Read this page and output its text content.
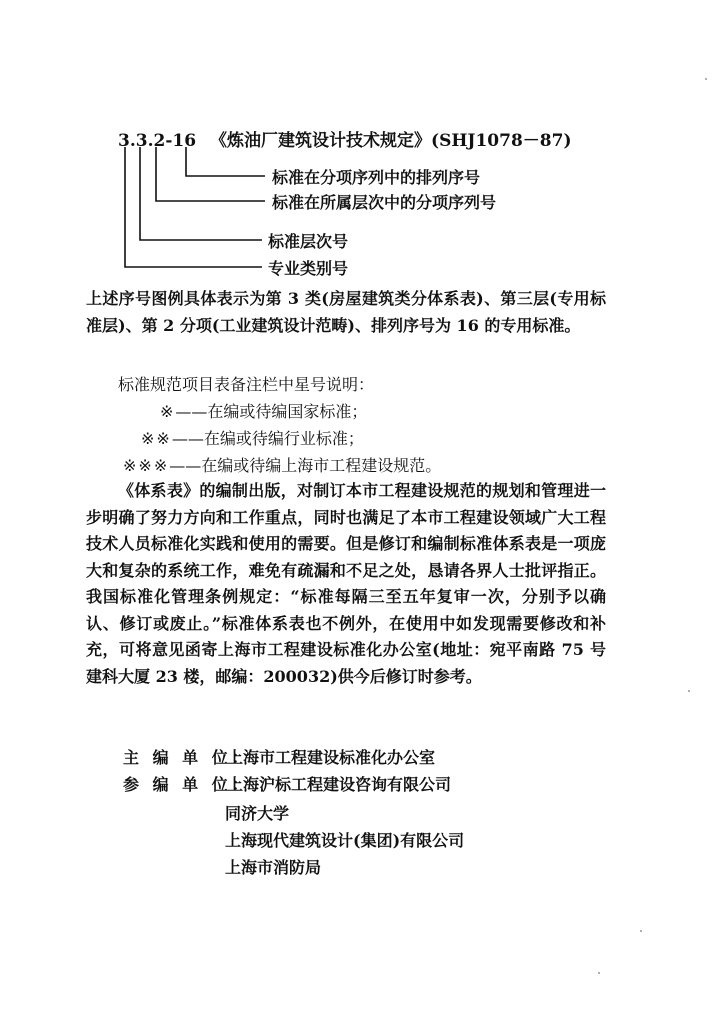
3.3.2-16 《炼油厂建筑设计技术规定》(SHJ1078－87)
标准在分项序列中的排列序号
标准在所属层次中的分项序列号
标准层次号
专业类别号

上述序号图例具体表示为第 3 类(房屋建筑类分体系表)、第三层(专用标准层)、第 2 分项(工业建筑设计范畴)、排列序号为 16 的专用标准。

标准规范项目表备注栏中星号说明：
※——在编或待编国家标准；
※※——在编或待编行业标准；
※※※——在编或待编上海市工程建设规范。

《体系表》的编制出版，对制订本市工程建设规范的规划和管理进一步明确了努力方向和工作重点，同时也满足了本市工程建设领域广大工程技术人员标准化实践和使用的需要。但是修订和编制标准体系表是一项庞大和复杂的系统工作，难免有疏漏和不足之处，恳请各界人士批评指正。我国标准化管理条例规定：“标准每隔三至五年复审一次，分别予以确认、修订或废止。”标准体系表也不例外，在使用中如发现需要修改和补充，可将意见函寄上海市工程建设标准化办公室(地址：宛平南路 75 号建科大厦 23 楼，邮编：200032)供今后修订时参考。

主 编 单 位：上海市工程建设标准化办公室
参 编 单 位：上海沪标工程建设咨询有限公司
同济大学
上海现代建筑设计(集团)有限公司
上海市消防局
